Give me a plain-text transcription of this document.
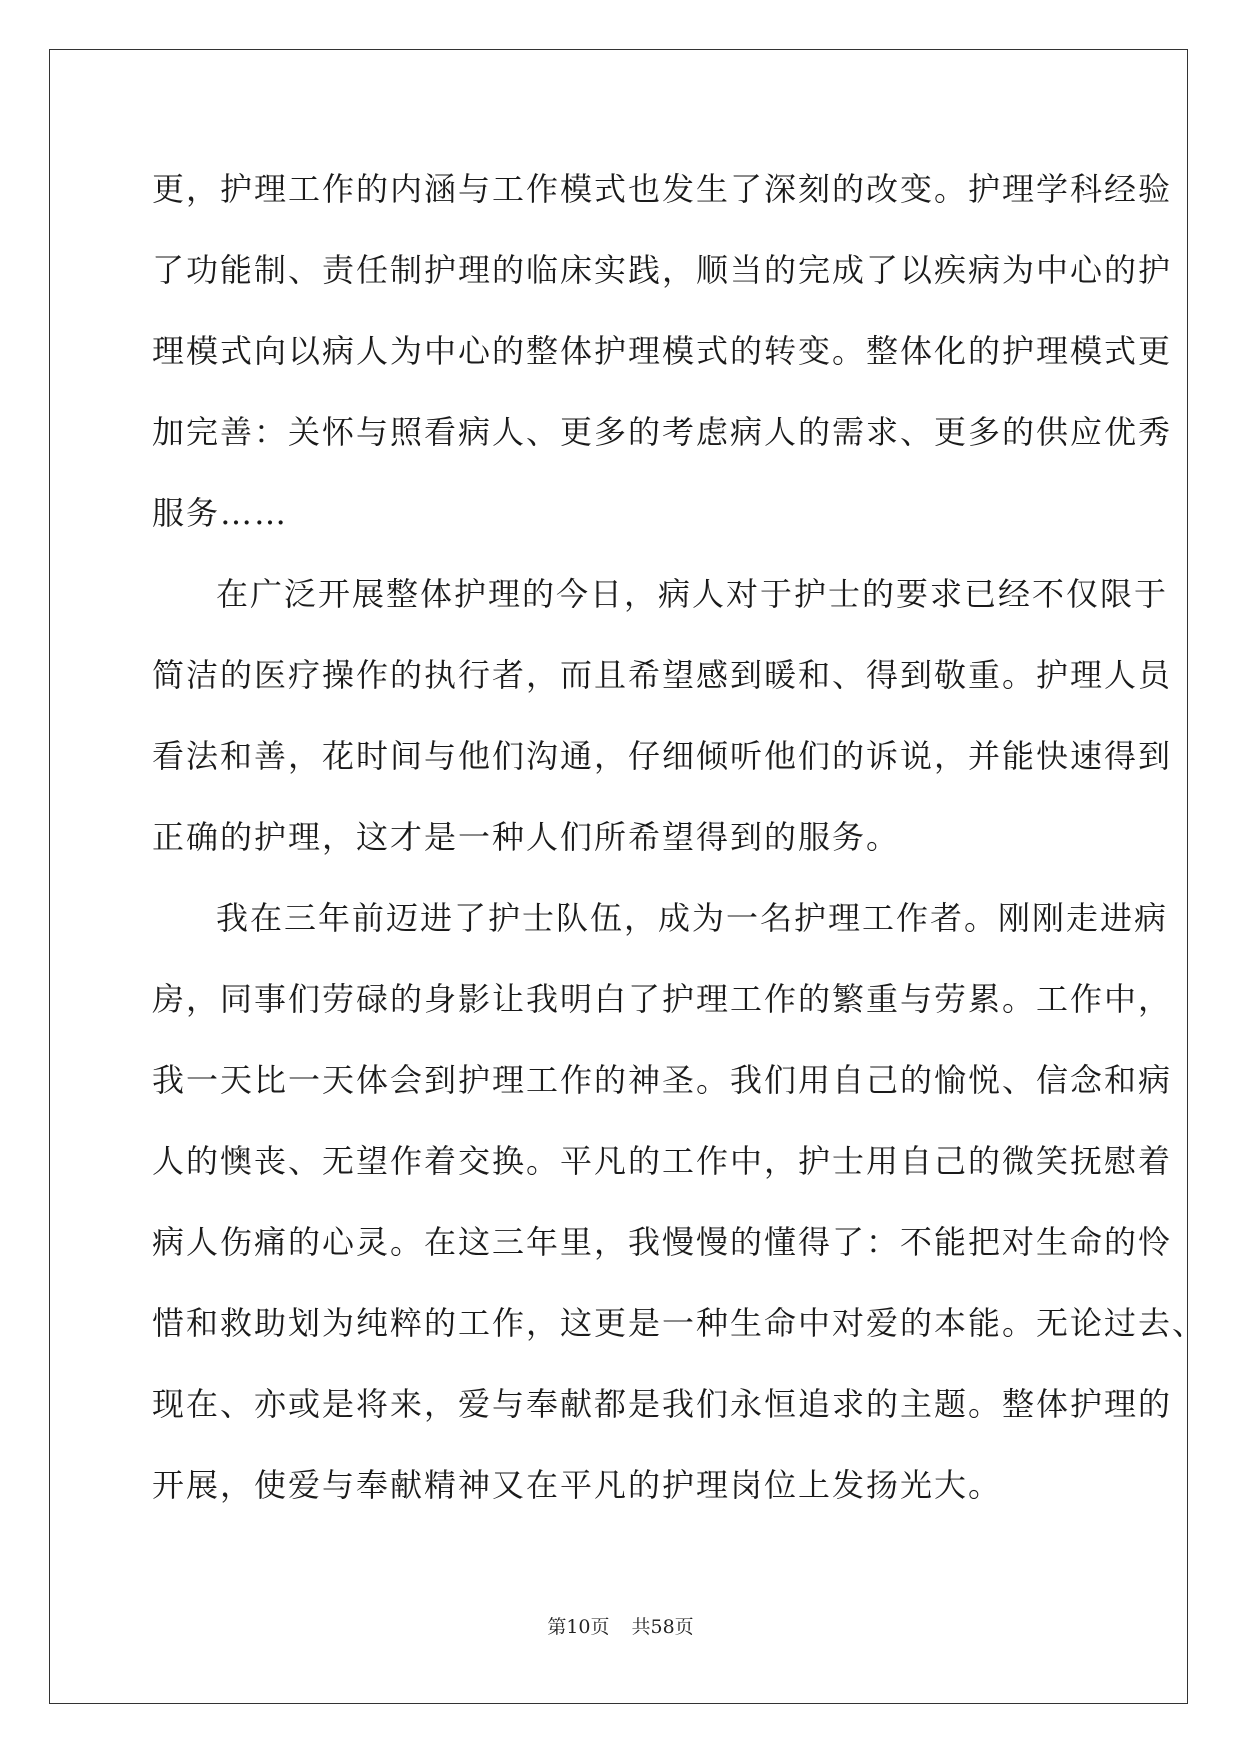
更，护理工作的内涵与工作模式也发生了深刻的改变。护理学科经验
了功能制、责任制护理的临床实践，顺当的完成了以疾病为中心的护
理模式向以病人为中心的整体护理模式的转变。整体化的护理模式更
加完善：关怀与照看病人、更多的考虑病人的需求、更多的供应优秀
服务……
在广泛开展整体护理的今日，病人对于护士的要求已经不仅限于
简洁的医疗操作的执行者，而且希望感到暖和、得到敬重。护理人员
看法和善，花时间与他们沟通，仔细倾听他们的诉说，并能快速得到
正确的护理，这才是一种人们所希望得到的服务。
我在三年前迈进了护士队伍，成为一名护理工作者。刚刚走进病
房，同事们劳碌的身影让我明白了护理工作的繁重与劳累。工作中，
我一天比一天体会到护理工作的神圣。我们用自己的愉悦、信念和病
人的懊丧、无望作着交换。平凡的工作中，护士用自己的微笑抚慰着
病人伤痛的心灵。在这三年里，我慢慢的懂得了：不能把对生命的怜
惜和救助划为纯粹的工作，这更是一种生命中对爱的本能。无论过去、
现在、亦或是将来，爱与奉献都是我们永恒追求的主题。整体护理的
开展，使爱与奉献精神又在平凡的护理岗位上发扬光大。
第10页 共58页
